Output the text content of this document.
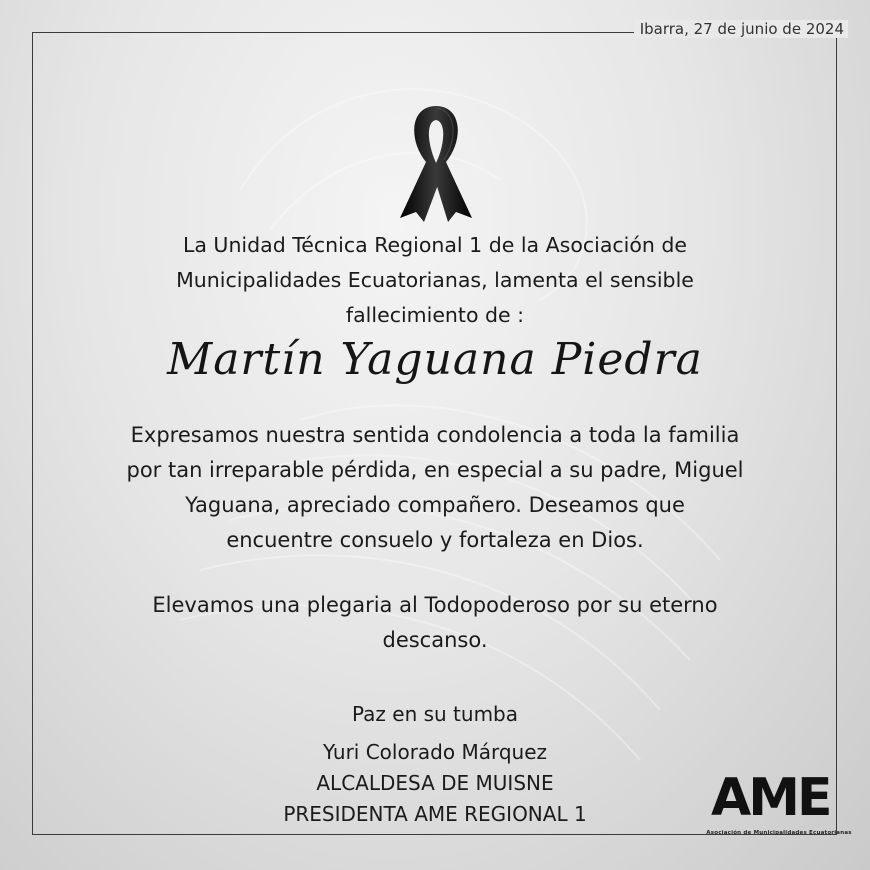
Ibarra, 27 de junio de 2024
La Unidad Técnica Regional 1 de la Asociación de
Municipalidades Ecuatorianas, lamenta el sensible
fallecimiento de :
Martín Yaguana Piedra
Expresamos nuestra sentida condolencia a toda la familia
por tan irreparable pérdida, en especial a su padre, Miguel
Yaguana, apreciado compañero. Deseamos que
encuentre consuelo y fortaleza en Dios.
Elevamos una plegaria al Todopoderoso por su eterno
descanso.
Paz en su tumba
Yuri Colorado Márquez
ALCALDESA DE MUISNE
PRESIDENTA AME REGIONAL 1	AME
Asociación de Municipalidades Ecuatorianas
